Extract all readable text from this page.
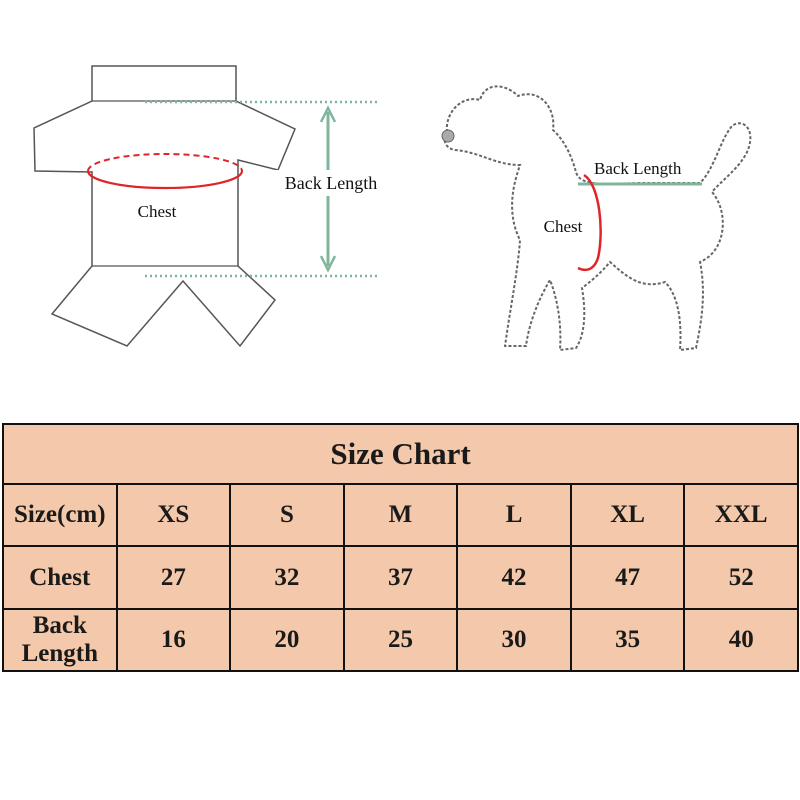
Chest
Back Length
Back Length
Chest
Size Chart						
Size(cm)	XS	S	M	L	XL	XXL
Chest	27	32	37	42	47	52
Back Length	16	20	25	30	35	40
